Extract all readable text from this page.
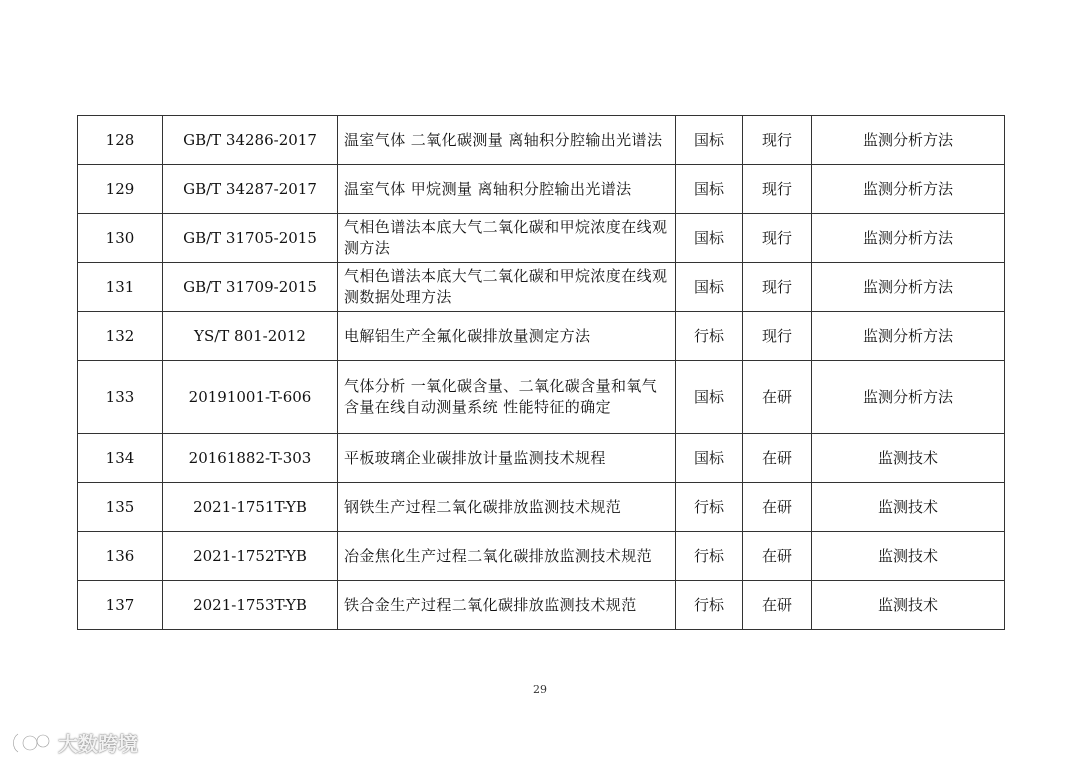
128	GB/T 34286-2017	温室气体 二氧化碳测量 离轴积分腔输出光谱法	国标	现行	监测分析方法
129	GB/T 34287-2017	温室气体 甲烷测量 离轴积分腔输出光谱法	国标	现行	监测分析方法
130	GB/T 31705-2015	气相色谱法本底大气二氧化碳和甲烷浓度在线观测方法	国标	现行	监测分析方法
131	GB/T 31709-2015	气相色谱法本底大气二氧化碳和甲烷浓度在线观测数据处理方法	国标	现行	监测分析方法
132	YS/T 801-2012	电解铝生产全氟化碳排放量测定方法	行标	现行	监测分析方法
133	20191001-T-606	气体分析 一氧化碳含量、二氧化碳含量和氧气含量在线自动测量系统 性能特征的确定	国标	在研	监测分析方法
134	20161882-T-303	平板玻璃企业碳排放计量监测技术规程	国标	在研	监测技术
135	2021-1751T-YB	钢铁生产过程二氧化碳排放监测技术规范	行标	在研	监测技术
136	2021-1752T-YB	冶金焦化生产过程二氧化碳排放监测技术规范	行标	在研	监测技术
137	2021-1753T-YB	铁合金生产过程二氧化碳排放监测技术规范	行标	在研	监测技术
29
大数跨境
